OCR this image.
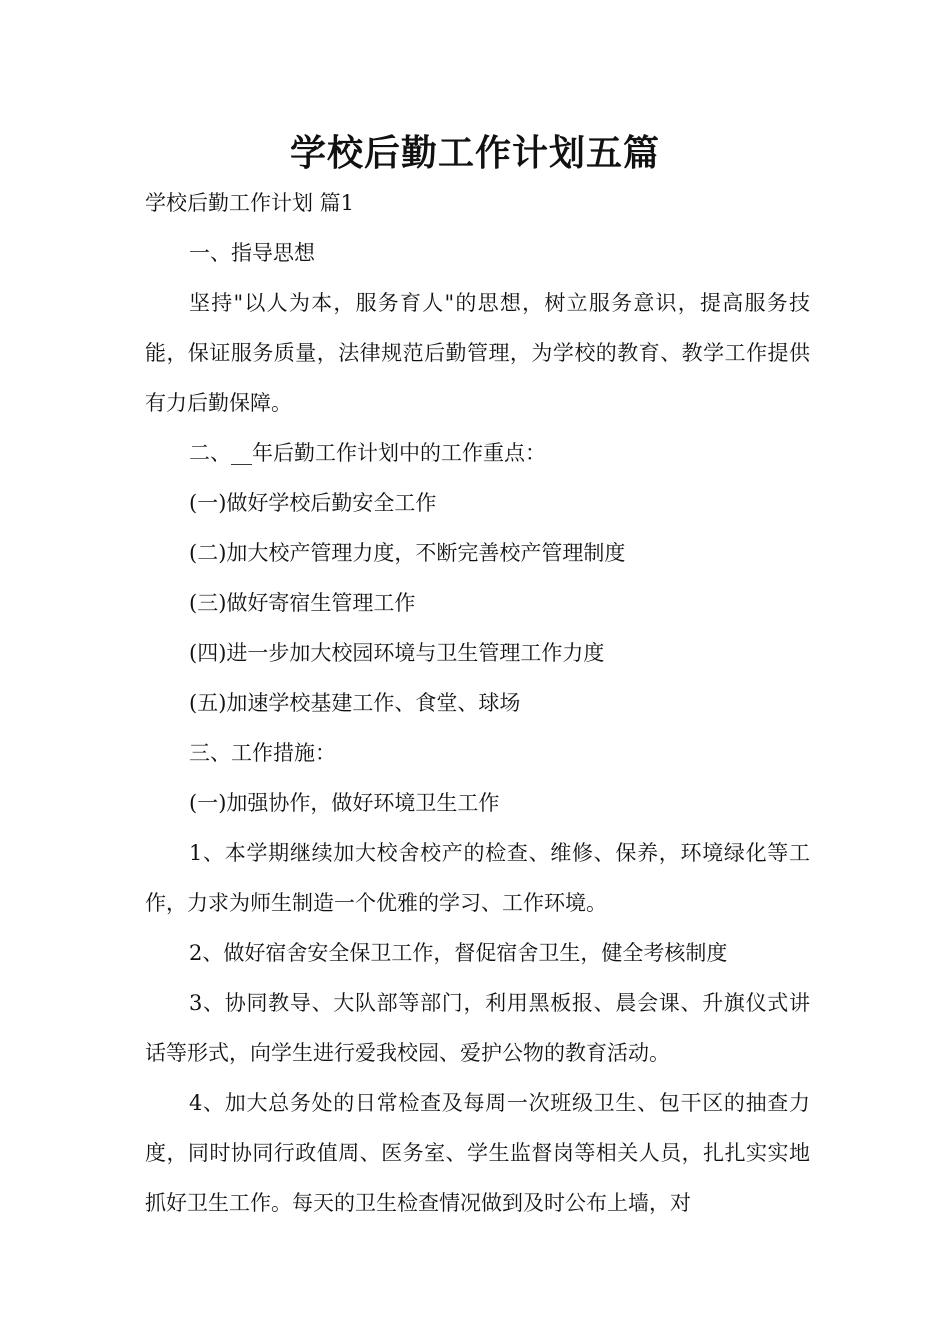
学校后勤工作计划五篇

学校后勤工作计划 篇1

一、指导思想

坚持"以人为本，服务育人"的思想，树立服务意识，提高服务技能，保证服务质量，法律规范后勤管理，为学校的教育、教学工作提供有力后勤保障。

二、__年后勤工作计划中的工作重点：

(一)做好学校后勤安全工作

(二)加大校产管理力度，不断完善校产管理制度

(三)做好寄宿生管理工作

(四)进一步加大校园环境与卫生管理工作力度

(五)加速学校基建工作、食堂、球场

三、工作措施：

(一)加强协作，做好环境卫生工作

1、本学期继续加大校舍校产的检查、维修、保养，环境绿化等工作，力求为师生制造一个优雅的学习、工作环境。

2、做好宿舍安全保卫工作，督促宿舍卫生，健全考核制度

3、协同教导、大队部等部门，利用黑板报、晨会课、升旗仪式讲话等形式，向学生进行爱我校园、爱护公物的教育活动。

4、加大总务处的日常检查及每周一次班级卫生、包干区的抽查力度，同时协同行政值周、医务室、学生监督岗等相关人员，扎扎实实地抓好卫生工作。每天的卫生检查情况做到及时公布上墙，对
